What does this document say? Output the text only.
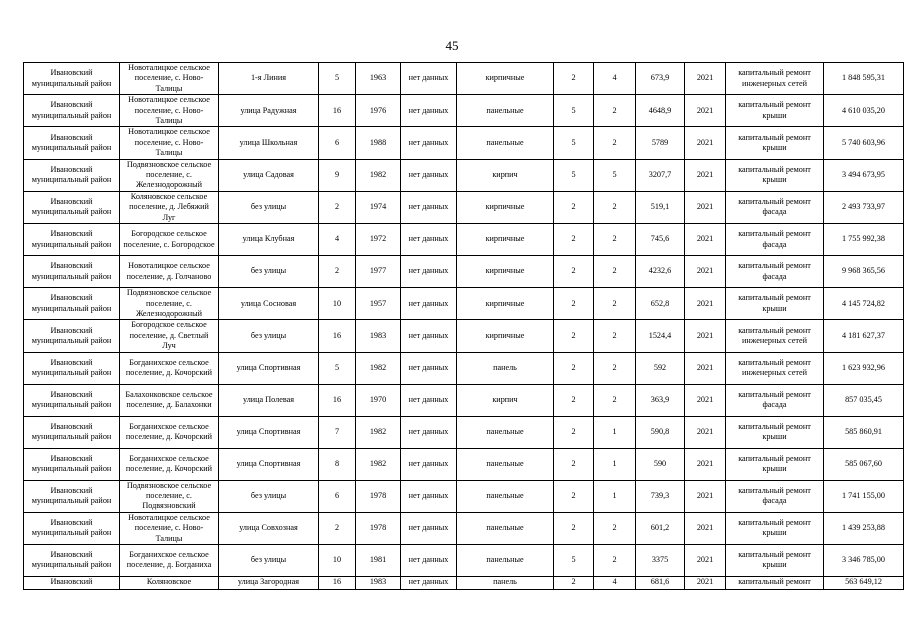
45
Ивановский муниципальный район	Новоталицкое сельское поселение, с. Ново-Талицы	1-я Линия	5	1963	нет данных	кирпичные	2	4	673,9	2021	капитальный ремонт инженерных сетей	1 848 595,31
Ивановский муниципальный район	Новоталицкое сельское поселение, с. Ново-Талицы	улица Радужная	16	1976	нет данных	панельные	5	2	4648,9	2021	капитальный ремонт крыши	4 610 035,20
Ивановский муниципальный район	Новоталицкое сельское поселение, с. Ново-Талицы	улица Школьная	6	1988	нет данных	панельные	5	2	5789	2021	капитальный ремонт крыши	5 740 603,96
Ивановский муниципальный район	Подвязновское сельское поселение, с. Железнодорожный	улица Садовая	9	1982	нет данных	кирпич	5	5	3207,7	2021	капитальный ремонт крыши	3 494 673,95
Ивановский муниципальный район	Коляновское сельское поселение, д. Лебяжий Луг	без улицы	2	1974	нет данных	кирпичные	2	2	519,1	2021	капитальный ремонт фасада	2 493 733,97
Ивановский муниципальный район	Богородское сельское поселение, с. Богородское	улица Клубная	4	1972	нет данных	кирпичные	2	2	745,6	2021	капитальный ремонт фасада	1 755 992,38
Ивановский муниципальный район	Новоталицкое сельское поселение, д. Голчаново	без улицы	2	1977	нет данных	кирпичные	2	2	4232,6	2021	капитальный ремонт фасада	9 968 365,56
Ивановский муниципальный район	Подвязновское сельское поселение, с. Железнодорожный	улица Сосновая	10	1957	нет данных	кирпичные	2	2	652,8	2021	капитальный ремонт крыши	4 145 724,82
Ивановский муниципальный район	Богородское сельское поселение, д. Светлый Луч	без улицы	16	1983	нет данных	кирпичные	2	2	1524,4	2021	капитальный ремонт инженерных сетей	4 181 627,37
Ивановский муниципальный район	Богданихское сельское поселение, д. Кочорский	улица Спортивная	5	1982	нет данных	панель	2	2	592	2021	капитальный ремонт инженерных сетей	1 623 932,96
Ивановский муниципальный район	Балахонковское сельское поселение, д. Балахонки	улица Полевая	16	1970	нет данных	кирпич	2	2	363,9	2021	капитальный ремонт фасада	857 035,45
Ивановский муниципальный район	Богданихское сельское поселение, д. Кочорский	улица Спортивная	7	1982	нет данных	панельные	2	1	590,8	2021	капитальный ремонт крыши	585 860,91
Ивановский муниципальный район	Богданихское сельское поселение, д. Кочорский	улица Спортивная	8	1982	нет данных	панельные	2	1	590	2021	капитальный ремонт крыши	585 067,60
Ивановский муниципальный район	Подвязновское сельское поселение, с. Подвязновский	без улицы	6	1978	нет данных	панельные	2	1	739,3	2021	капитальный ремонт фасада	1 741 155,00
Ивановский муниципальный район	Новоталицкое сельское поселение, с. Ново-Талицы	улица Совхозная	2	1978	нет данных	панельные	2	2	601,2	2021	капитальный ремонт крыши	1 439 253,88
Ивановский муниципальный район	Богданихское сельское поселение, д. Богданиха	без улицы	10	1981	нет данных	панельные	5	2	3375	2021	капитальный ремонт крыши	3 346 785,00
Ивановский	Коляновское	улица Загородная	16	1983	нет данных	панель	2	4	681,6	2021	капитальный ремонт	563 649,12
